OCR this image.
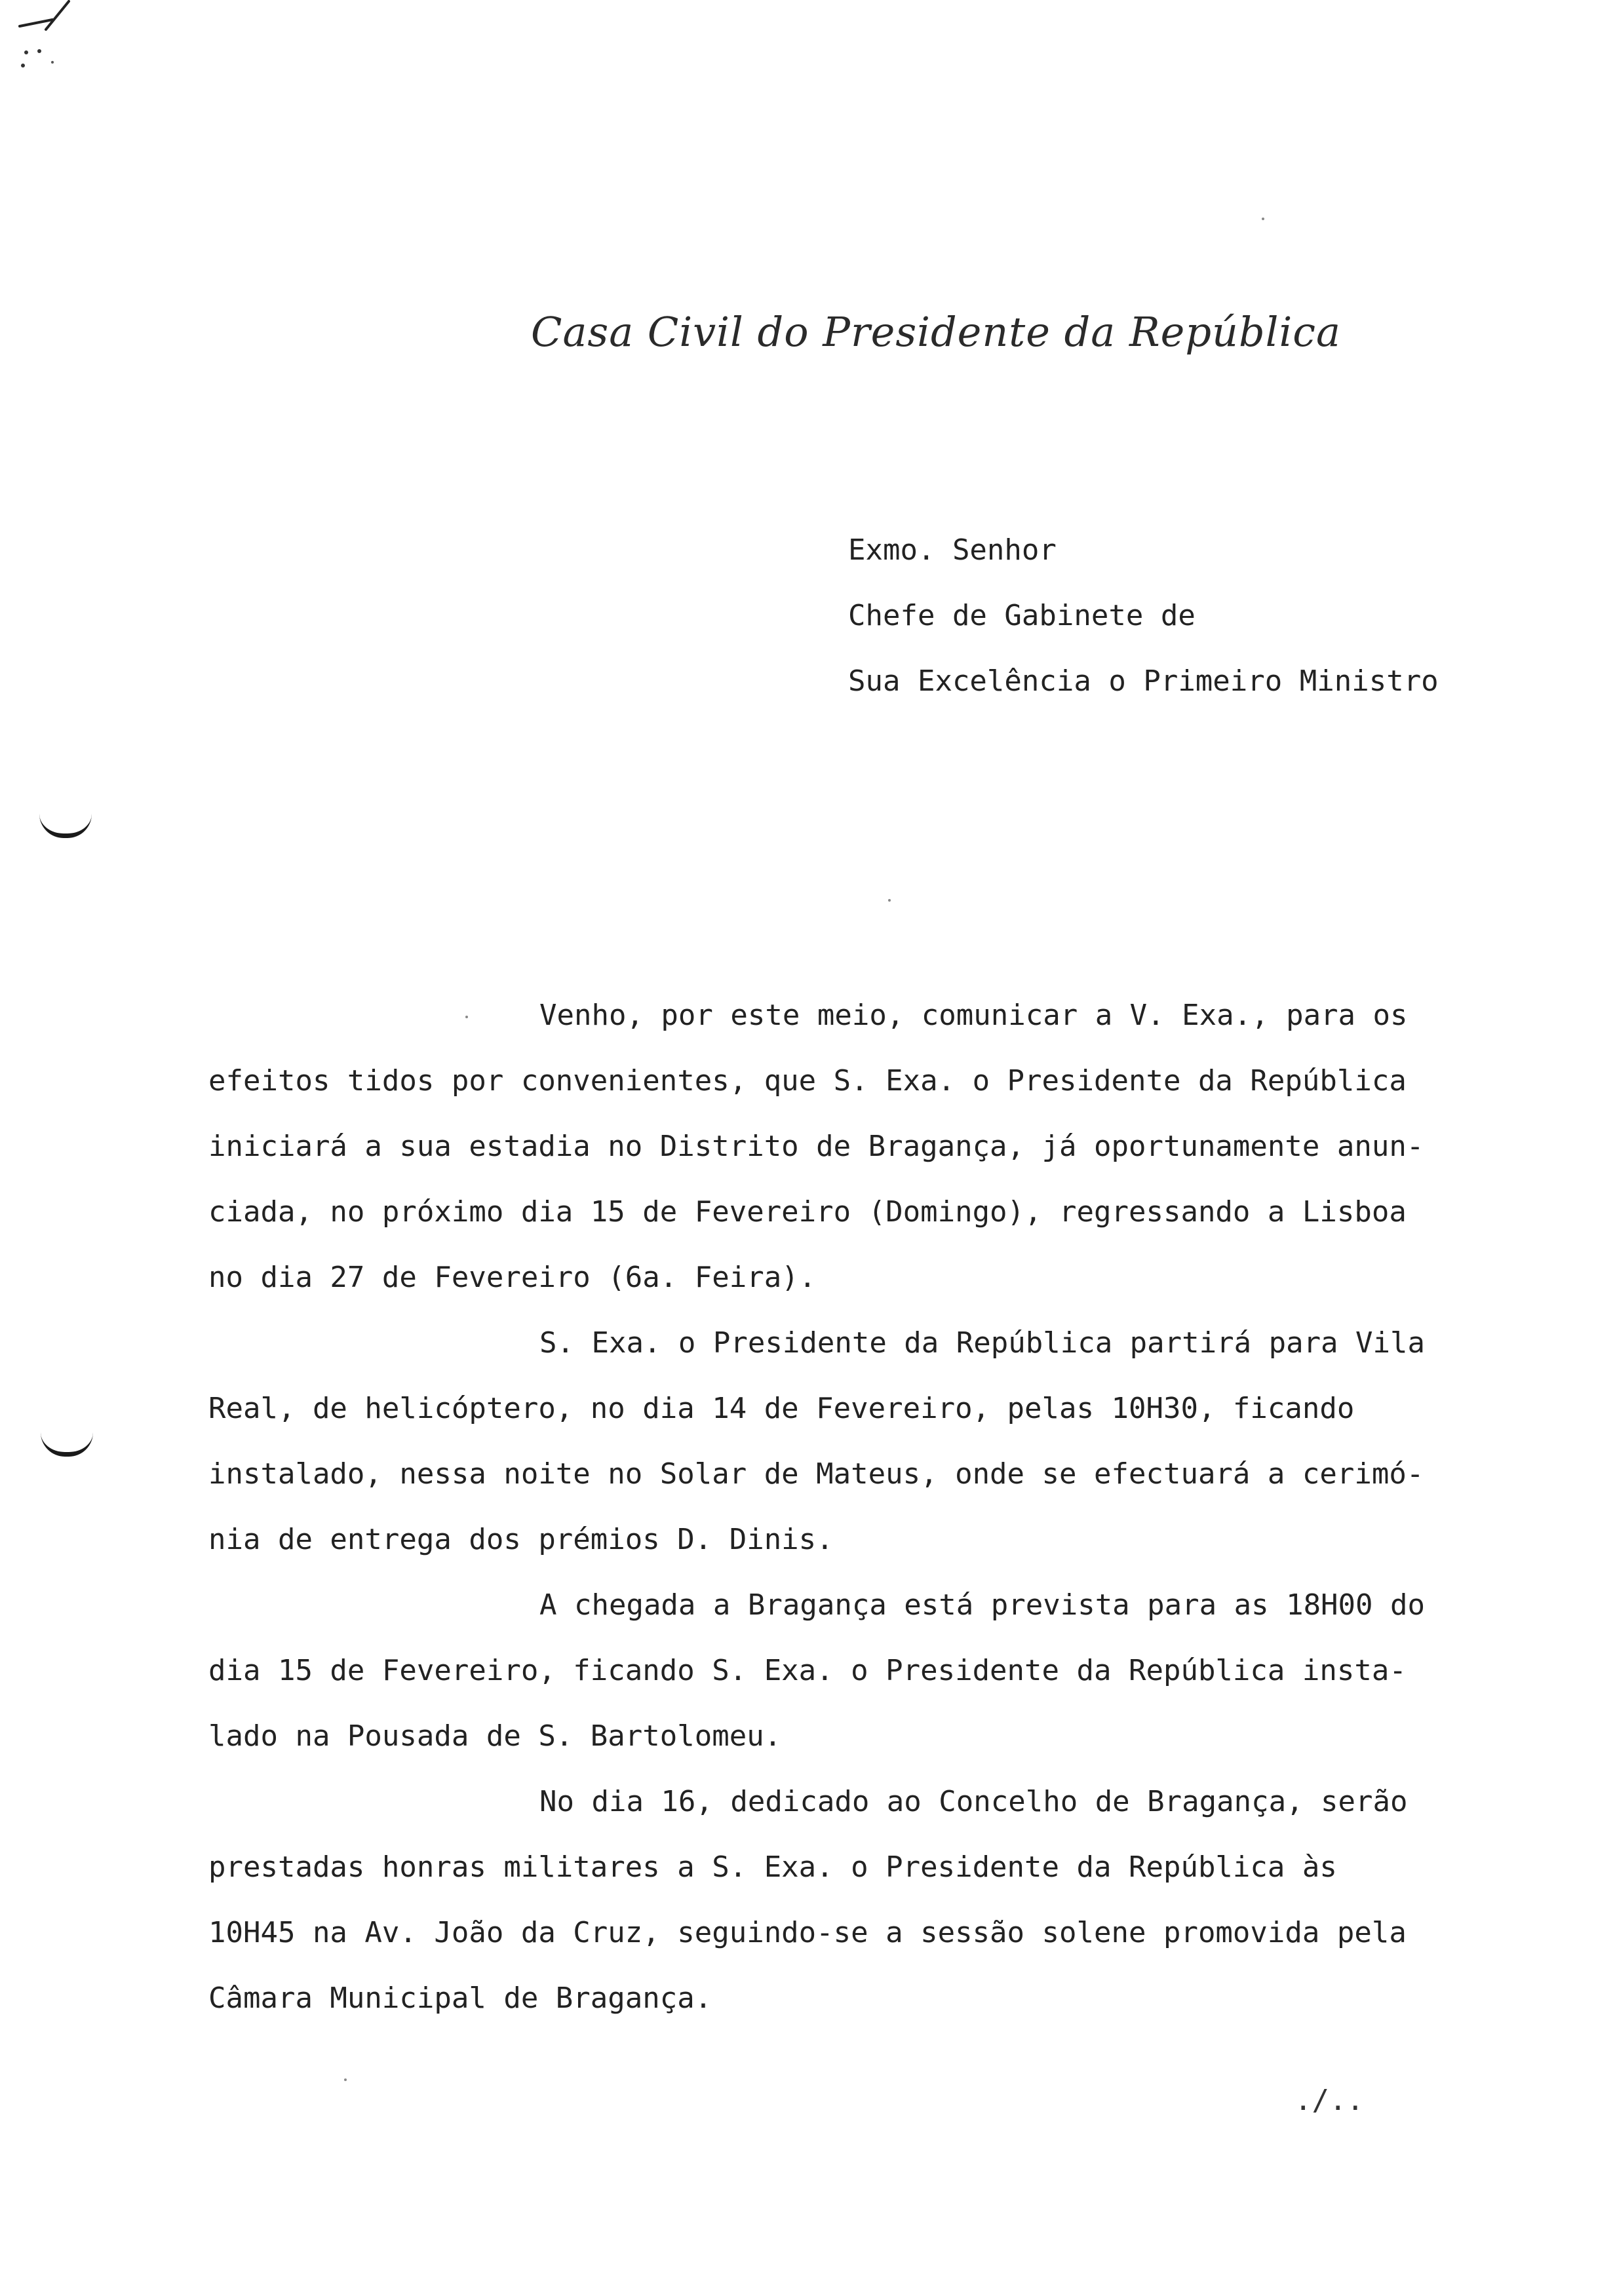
Casa Civil do Presidente da República
Exmo. Senhor
Chefe de Gabinete de
Sua Excelência o Primeiro Ministro
Venho, por este meio, comunicar a V. Exa., para os
efeitos tidos por convenientes, que S. Exa. o Presidente da República
iniciará a sua estadia no Distrito de Bragança, já oportunamente anun-
ciada, no próximo dia 15 de Fevereiro (Domingo), regressando a Lisboa
no dia 27 de Fevereiro (6a. Feira).
S. Exa. o Presidente da República partirá para Vila
Real, de helicóptero, no dia 14 de Fevereiro, pelas 10H30, ficando
instalado, nessa noite no Solar de Mateus, onde se efectuará a cerimó-
nia de entrega dos prémios D. Dinis.
A chegada a Bragança está prevista para as 18H00 do
dia 15 de Fevereiro, ficando S. Exa. o Presidente da República insta-
lado na Pousada de S. Bartolomeu.
No dia 16, dedicado ao Concelho de Bragança, serão
prestadas honras militares a S. Exa. o Presidente da República às
10H45 na Av. João da Cruz, seguindo-se a sessão solene promovida pela
Câmara Municipal de Bragança.
./..
